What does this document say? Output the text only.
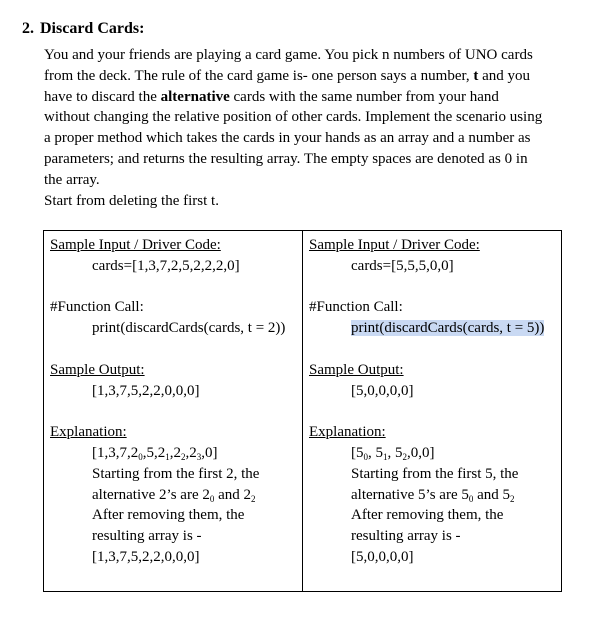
2. Discard Cards:
You and your friends are playing a card game. You pick n numbers of UNO cards
from the deck. The rule of the card game is- one person says a number, t and you
have to discard the alternative cards with the same number from your hand
without changing the relative position of other cards. Implement the scenario using
a proper method which takes the cards in your hands as an array and a number as
parameters; and returns the resulting array. The empty spaces are denoted as 0 in
the array.
Start from deleting the first t.
Sample Input / Driver Code:
cards=[1,3,7,2,5,2,2,2,0]
#Function Call:
print(discardCards(cards, t = 2))
Sample Output:
[1,3,7,5,2,2,0,0,0]
Explanation:
$[1,3,7,2_0,5,2_1,2_2,2_3,0]$
Starting from the first 2, the
alternative 2’s are $2_0$ and $2_2$
After removing them, the
resulting array is -
[1,3,7,5,2,2,0,0,0]

Sample Input / Driver Code:
cards=[5,5,5,0,0]
#Function Call:
print(discardCards(cards, t = 5))
Sample Output:
[5,0,0,0,0]
Explanation:
[$5_0$, $5_1$, $5_2,0,0$]
Starting from the first 5, the
alternative 5’s are $5_0$ and $5_2$
After removing them, the
resulting array is -
[5,0,0,0,0]
